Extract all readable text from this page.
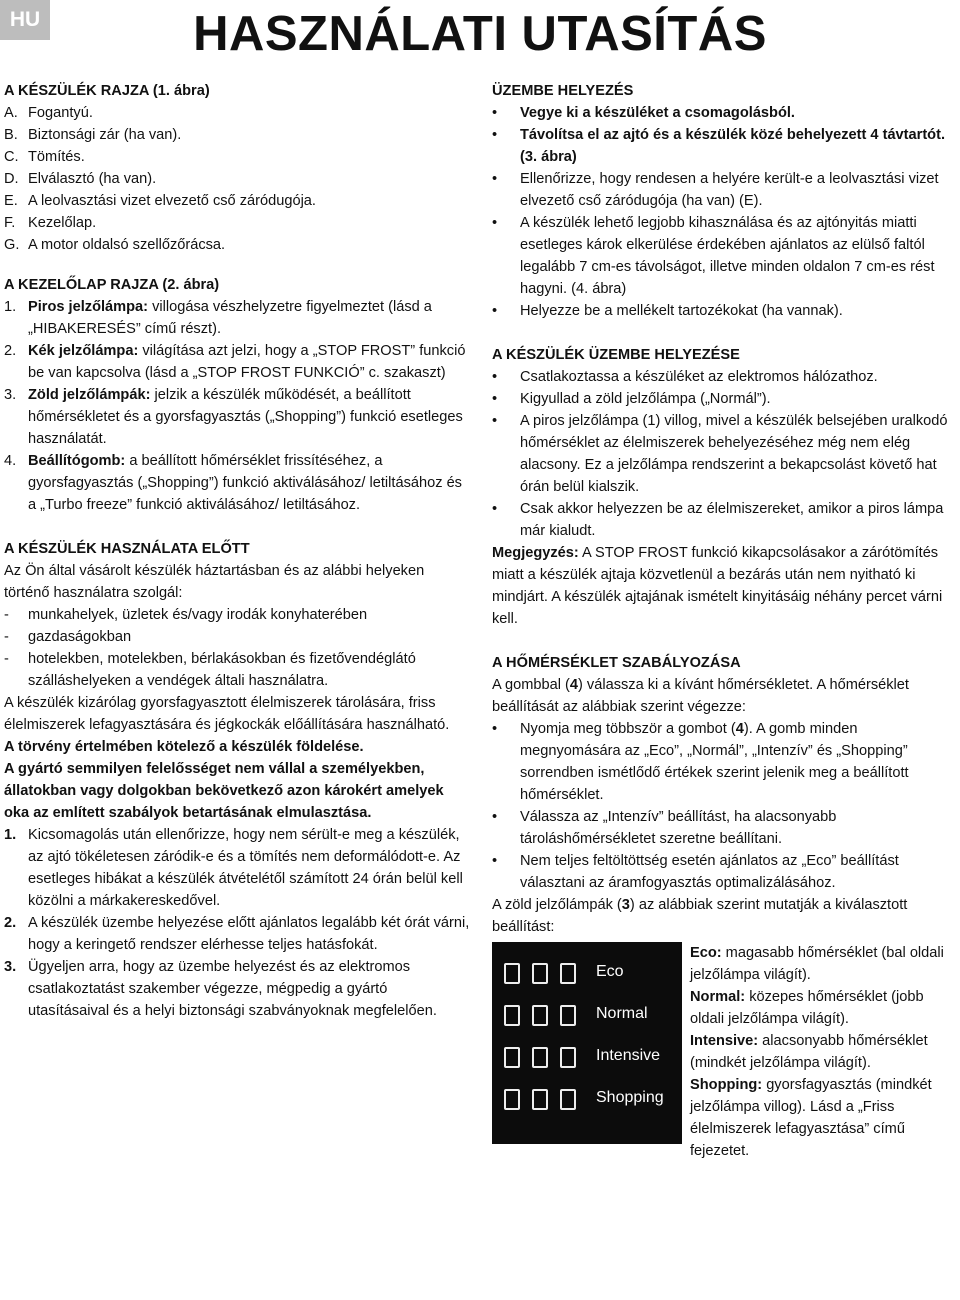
HU	HASZNÁLATI UTASÍTÁS

A KÉSZÜLÉK RAJZA (1. ábra)

A. Fogantyú.

B. Biztonsági zár (ha van).

C. Tömítés.

D. Elválasztó (ha van).

E. A leolvasztási vizet elvezető cső záródugója.

F. Kezelőlap.

G. A motor oldalsó szellőzőrácsa.

A KEZELŐLAP RAJZA (2. ábra)

1. Piros jelzőlámpa: villogása vészhelyzetre figyelmeztet (lásd a „HIBAKERESÉS” című részt).

2. Kék jelzőlámpa: világítása azt jelzi, hogy a „STOP FROST” funkció be van kapcsolva (lásd a „STOP FROST FUNKCIÓ” c. szakaszt)

3. Zöld jelzőlámpák: jelzik a készülék működését, a beállított hőmérsékletet és a gyorsfagyasztás („Shopping”) funkció esetleges használatát.

4. Beállítógomb: a beállított hőmérséklet frissítéséhez, a gyorsfagyasztás („Shopping”) funkció aktiválásához/ letiltásához és a „Turbo freeze” funkció aktiválásához/ letiltásához.

A KÉSZÜLÉK HASZNÁLATA ELŐTT

Az Ön által vásárolt készülék háztartásban és az alábbi helyeken történő használatra szolgál:

- munkahelyek, üzletek és/vagy irodák konyhaterében

- gazdaságokban

- hotelekben, motelekben, bérlakásokban és fizetővendéglátó szálláshelyeken a vendégek általi használatra.

A készülék kizárólag gyorsfagyasztott élelmiszerek tárolására, friss élelmiszerek lefagyasztására és jégkockák előállítására használható.

A törvény értelmében kötelező a készülék földelése.

A gyártó semmilyen felelősséget nem vállal a személyekben, állatokban vagy dolgokban bekövetkező azon károkért amelyek oka az említett szabályok betartásának elmulasztása.

1. Kicsomagolás után ellenőrizze, hogy nem sérült-e meg a készülék, az ajtó tökéletesen záródik-e és a tömítés nem deformálódott-e. Az esetleges hibákat a készülék átvételétől számított 24 órán belül kell közölni a márkakereskedővel.

2. A készülék üzembe helyezése előtt ajánlatos legalább két órát várni, hogy a keringető rendszer elérhesse teljes hatásfokát.

3. Ügyeljen arra, hogy az üzembe helyezést és az elektromos csatlakoztatást szakember végezze, mégpedig a gyártó utasításaival és a helyi biztonsági szabványoknak megfelelően.

ÜZEMBE HELYEZÉS

• Vegye ki a készüléket a csomagolásból.

• Távolítsa el az ajtó és a készülék közé behelyezett 4 távtartót. (3. ábra)

• Ellenőrizze, hogy rendesen a helyére került-e a leolvasztási vizet elvezető cső záródugója (ha van) (E).

• A készülék lehető legjobb kihasználása és az ajtónyitás miatti esetleges károk elkerülése érdekében ajánlatos az elülső faltól legalább 7 cm-es távolságot, illetve minden oldalon 7 cm-es rést hagyni. (4. ábra)

• Helyezze be a mellékelt tartozékokat (ha vannak).

A KÉSZÜLÉK ÜZEMBE HELYEZÉSE

• Csatlakoztassa a készüléket az elektromos hálózathoz.

• Kigyullad a zöld jelzőlámpa („Normál”).

• A piros jelzőlámpa (1) villog, mivel a készülék belsejében uralkodó hőmérséklet az élelmiszerek behelyezéséhez még nem elég alacsony. Ez a jelzőlámpa rendszerint a bekapcsolást követő hat órán belül kialszik.

• Csak akkor helyezzen be az élelmiszereket, amikor a piros lámpa már kialudt.

Megjegyzés: A STOP FROST funkció kikapcsolásakor a zárótömítés miatt a készülék ajtaja közvetlenül a bezárás után nem nyitható ki mindjárt. A készülék ajtajának ismételt kinyitásáig néhány percet várni kell.

A HŐMÉRSÉKLET SZABÁLYOZÁSA

A gombbal (4) válassza ki a kívánt hőmérsékletet. A hőmérséklet beállítását az alábbiak szerint végezze:

• Nyomja meg többször a gombot (4). A gomb minden megnyomására az „Eco”, „Normál”, „Intenzív” és „Shopping” sorrendben ismétlődő értékek szerint jelenik meg a beállított hőmérséklet.

• Válassza az „Intenzív” beállítást, ha alacsonyabb tároláshőmérsékletet szeretne beállítani.

• Nem teljes feltöltöttség esetén ajánlatos az „Eco” beállítást választani az áramfogyasztás optimalizálásához.

A zöld jelzőlámpák (3) az alábbiak szerint mutatják a kiválasztott beállítást:

Eco
Normal
Intensive
Shopping

Eco: magasabb hőmérséklet (bal oldali jelzőlámpa világít).

Normal: közepes hőmérséklet (jobb oldali jelzőlámpa világít).

Intensive: alacsonyabb hőmérséklet (mindkét jelzőlámpa világít).

Shopping: gyorsfagyasztás (mindkét jelzőlámpa villog). Lásd a „Friss élelmiszerek lefagyasztása” című fejezetet.
